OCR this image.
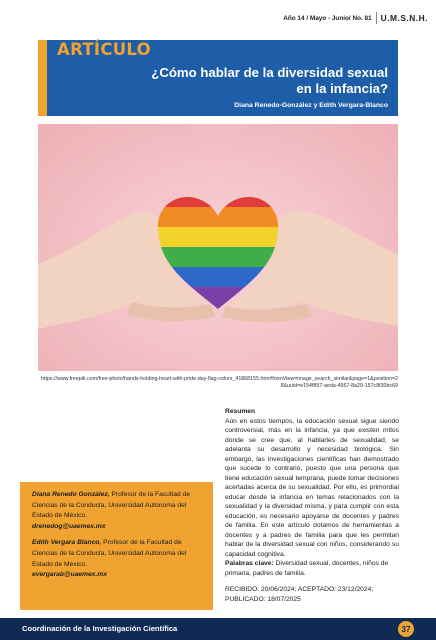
Año 14 / Mayo - Junio/ No. 81	U.M.S.N.H.
ARTÍCULO
¿Cómo hablar de la diversidad sexual
en la infancia?
Diana Renedo-González y Edith Vergara-Blanco
https://www.freepik.com/free-photo/hands-holding-heart-with-pride-day-flag-colors_41868155.htm#fromView=image_search_similar&page=1&position=28&uuid=e154f897-aeda-4957-8a29-157c8f30bc69

Diana Renedo González, Profesor de la Facultad de Ciencias de la Conducta, Universidad Autónoma del Estado de México.
drenedog@uaemex.mx

Edith Vergara Blanco, Profesor de la Facultad de Ciencias de la Conducta, Universidad Autónoma del Estado de México.
evergarab@uaemex.mx

Resumen
Aún en estos tiempos, la educación sexual sigue siendo controversial, más en la infancia, ya que existen mitos donde se cree que, al hablarles de sexualidad, se adelanta su desarrollo y necesidad biológica. Sin embargo, las investigaciones científicas han demostrado que sucede lo contrario, puesto que una persona que tiene educación sexual temprana, puede tomar decisiones acertadas acerca de su sexualidad. Por ello, es primordial educar desde la infancia en temas relacionados con la sexualidad y la diversidad misma, y para cumplir con esta educación, es necesario apoyarse de docentes y padres de familia. En este artículo dotamos de herramientas a docentes y a padres de familia para que les permitan hablar de la diversidad sexual con niños, considerando su capacidad cognitiva.
Palabras clave: Diversidad sexual, docentes, niños de primaria, padres de familia.
RECIBIDO: 20/06/2024; ACEPTADO: 23/12/2024;
PUBLICADO: 18/07/2025
Coordinación de la Investigación Científica	37
